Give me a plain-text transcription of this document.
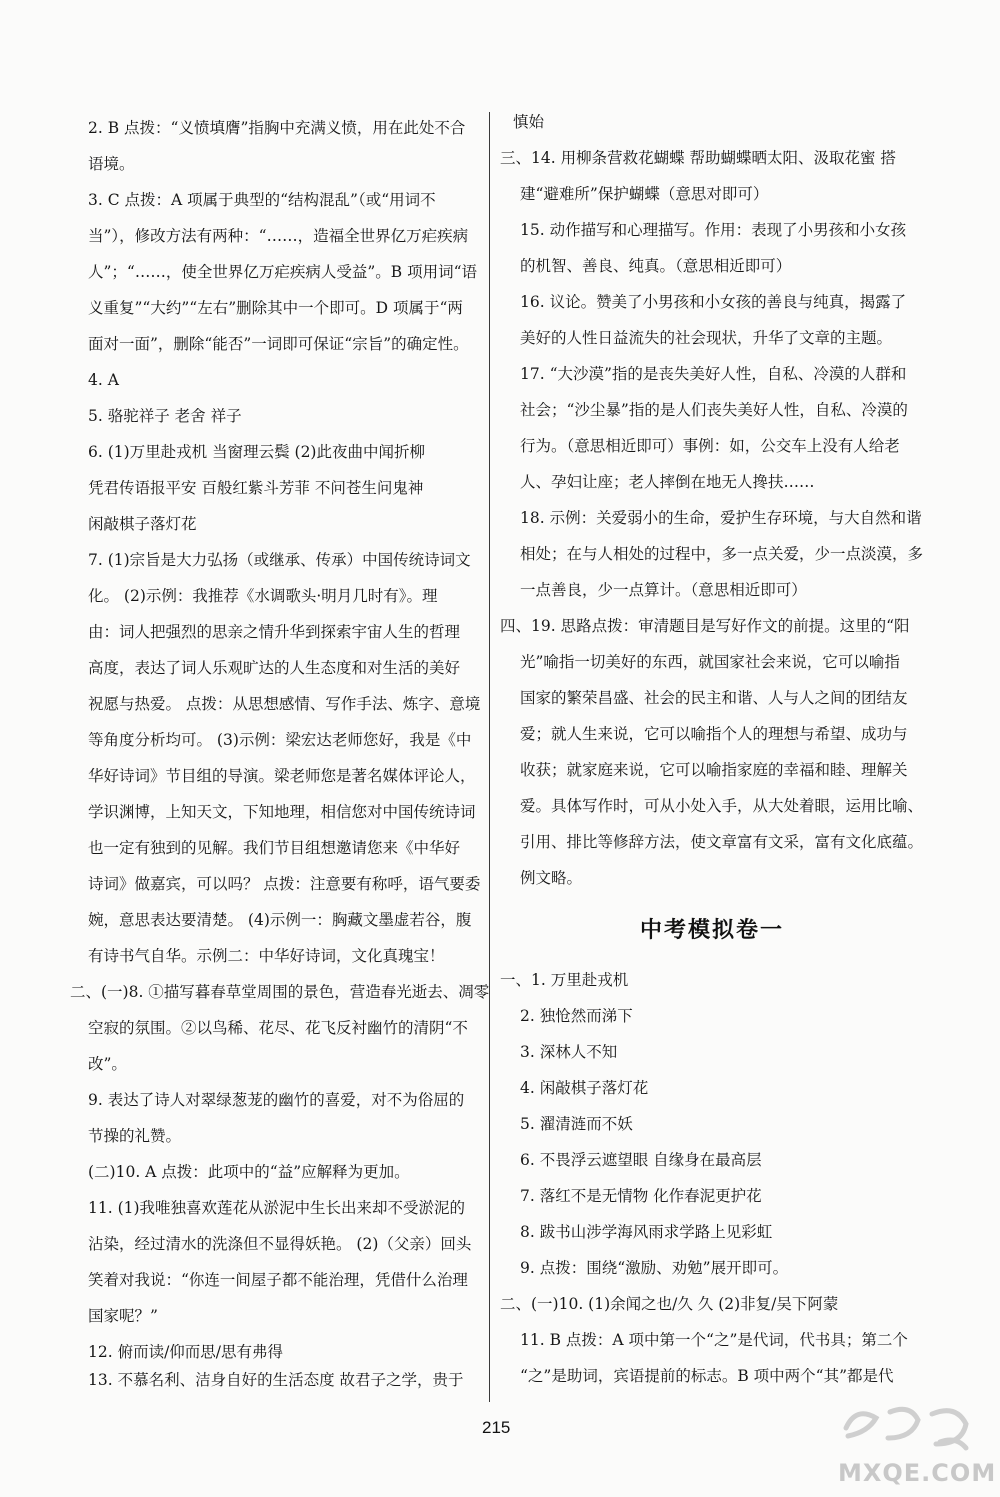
2. B 点拨：“义愤填膺”指胸中充满义愤，用在此处不合
语境。
3. C 点拨：A 项属于典型的“结构混乱”（或“用词不
当”），修改方法有两种：“……，造福全世界亿万疟疾病
人”；“……，使全世界亿万疟疾病人受益”。B 项用词“语
义重复”“大约”“左右”删除其中一个即可。D 项属于“两
面对一面”，删除“能否”一词即可保证“宗旨”的确定性。
4. A
5. 骆驼祥子 老舍 祥子
6. (1)万里赴戎机 当窗理云鬓 (2)此夜曲中闻折柳
凭君传语报平安 百般红紫斗芳菲 不问苍生问鬼神
闲敲棋子落灯花
7. (1)宗旨是大力弘扬（或继承、传承）中国传统诗词文
化。 (2)示例：我推荐《水调歌头·明月几时有》。理
由：词人把强烈的思亲之情升华到探索宇宙人生的哲理
高度，表达了词人乐观旷达的人生态度和对生活的美好
祝愿与热爱。 点拨：从思想感情、写作手法、炼字、意境
等角度分析均可。 (3)示例：梁宏达老师您好，我是《中
华好诗词》节目组的导演。梁老师您是著名媒体评论人，
学识渊博，上知天文，下知地理，相信您对中国传统诗词
也一定有独到的见解。我们节目组想邀请您来《中华好
诗词》做嘉宾，可以吗？ 点拨：注意要有称呼，语气要委
婉，意思表达要清楚。 (4)示例一：胸藏文墨虚若谷，腹
有诗书气自华。示例二：中华好诗词，文化真瑰宝！
二、(一)8. ①描写暮春草堂周围的景色，营造春光逝去、凋零
空寂的氛围。②以鸟稀、花尽、花飞反衬幽竹的清阴“不
改”。
9. 表达了诗人对翠绿葱茏的幽竹的喜爱，对不为俗屈的
节操的礼赞。
(二)10. A 点拨：此项中的“益”应解释为更加。
11. (1)我唯独喜欢莲花从淤泥中生长出来却不受淤泥的
沾染，经过清水的洗涤但不显得妖艳。 (2)（父亲）回头
笑着对我说：“你连一间屋子都不能治理，凭借什么治理
国家呢？”
12. 俯而读/仰而思/思有弗得
13. 不慕名利、洁身自好的生活态度 故君子之学，贵于
慎始
三、14. 用柳条营救花蝴蝶 帮助蝴蝶晒太阳、汲取花蜜 搭
建“避难所”保护蝴蝶（意思对即可）
15. 动作描写和心理描写。作用：表现了小男孩和小女孩
的机智、善良、纯真。（意思相近即可）
16. 议论。赞美了小男孩和小女孩的善良与纯真，揭露了
美好的人性日益流失的社会现状，升华了文章的主题。
17. “大沙漠”指的是丧失美好人性，自私、冷漠的人群和
社会；“沙尘暴”指的是人们丧失美好人性，自私、冷漠的
行为。（意思相近即可）事例：如，公交车上没有人给老
人、孕妇让座；老人摔倒在地无人搀扶……
18. 示例：关爱弱小的生命，爱护生存环境，与大自然和谐
相处；在与人相处的过程中，多一点关爱，少一点淡漠，多
一点善良，少一点算计。（意思相近即可）
四、19. 思路点拨：审清题目是写好作文的前提。这里的“阳
光”喻指一切美好的东西，就国家社会来说，它可以喻指
国家的繁荣昌盛、社会的民主和谐、人与人之间的团结友
爱；就人生来说，它可以喻指个人的理想与希望、成功与
收获；就家庭来说，它可以喻指家庭的幸福和睦、理解关
爱。具体写作时，可从小处入手，从大处着眼，运用比喻、
引用、排比等修辞方法，使文章富有文采，富有文化底蕴。
例文略。
一、1. 万里赴戎机
2. 独怆然而涕下
3. 深林人不知
4. 闲敲棋子落灯花
5. 濯清涟而不妖
6. 不畏浮云遮望眼 自缘身在最高层
7. 落红不是无情物 化作春泥更护花
8. 跋书山涉学海风雨求学路上见彩虹
9. 点拨：围绕“激励、劝勉”展开即可。
二、(一)10. (1)余闻之也/久 久 (2)非复/吴下阿蒙
11. B 点拨：A 项中第一个“之”是代词，代书具；第二个
“之”是助词，宾语提前的标志。B 项中两个“其”都是代
中考模拟卷一
215
MXQE.COM
